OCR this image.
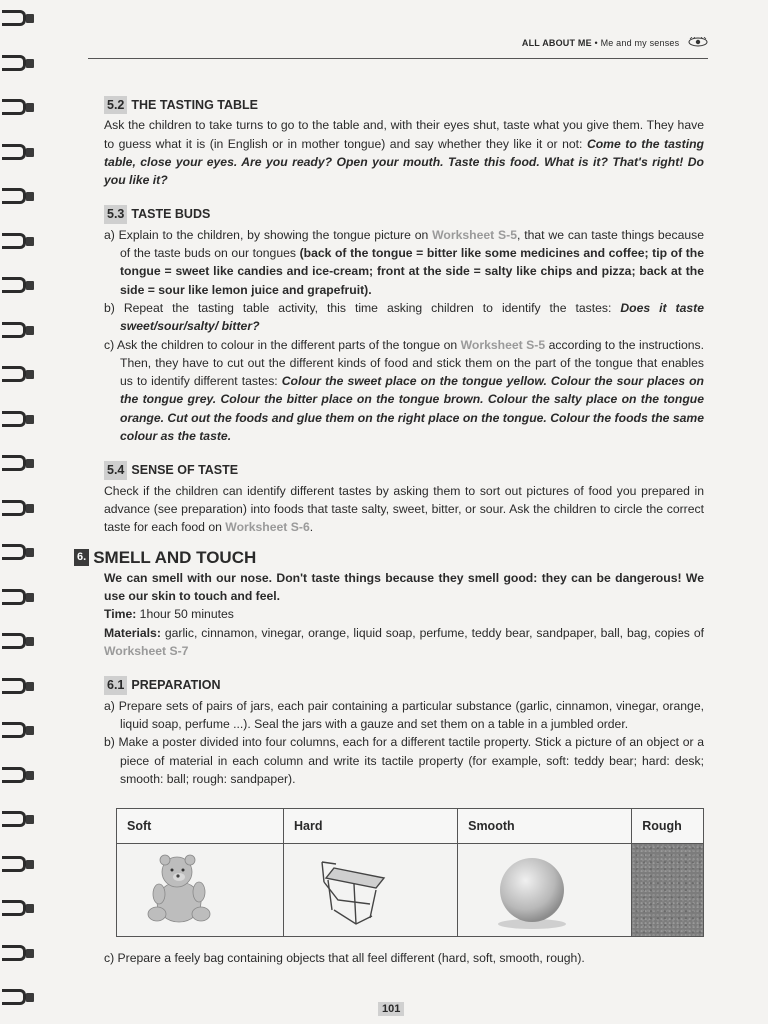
ALL ABOUT ME • Me and my senses
5.2 THE TASTING TABLE

Ask the children to take turns to go to the table and, with their eyes shut, taste what you give them. They have to guess what it is (in English or in mother tongue) and say whether they like it or not: Come to the tasting table, close your eyes. Are you ready? Open your mouth. Taste this food. What is it? That's right! Do you like it?

5.3 TASTE BUDS

a) Explain to the children, by showing the tongue picture on Worksheet S-5, that we can taste things because of the taste buds on our tongues (back of the tongue = bitter like some medicines and coffee; tip of the tongue = sweet like candies and ice-cream; front at the side = salty like chips and pizza; back at the side = sour like lemon juice and grapefruit).

b) Repeat the tasting table activity, this time asking children to identify the tastes: Does it taste sweet/sour/salty/ bitter?

c) Ask the children to colour in the different parts of the tongue on Worksheet S-5 according to the instructions. Then, they have to cut out the different kinds of food and stick them on the part of the tongue that enables us to identify different tastes: Colour the sweet place on the tongue yellow. Colour the sour places on the tongue grey. Colour the bitter place on the tongue brown. Colour the salty place on the tongue orange. Cut out the foods and glue them on the right place on the tongue. Colour the foods the same colour as the taste.

5.4 SENSE OF TASTE

Check if the children can identify different tastes by asking them to sort out pictures of food you prepared in advance (see preparation) into foods that taste salty, sweet, bitter, or sour. Ask the children to circle the correct taste for each food on Worksheet S-6.

6. SMELL AND TOUCH

We can smell with our nose. Don't taste things because they smell good: they can be dangerous! We use our skin to touch and feel.

Time: 1hour 50 minutes

Materials: garlic, cinnamon, vinegar, orange, liquid soap, perfume, teddy bear, sandpaper, ball, bag, copies of Worksheet S-7

6.1 PREPARATION

a) Prepare sets of pairs of jars, each pair containing a particular substance (garlic, cinnamon, vinegar, orange, liquid soap, perfume ...). Seal the jars with a gauze and set them on a table in a jumbled order.

b) Make a poster divided into four columns, each for a different tactile property. Stick a picture of an object or a piece of material in each column and write its tactile property (for example, soft: teddy bear; hard: desk; smooth: ball; rough: sandpaper).

Soft	Hard	Smooth	Rough

c) Prepare a feely bag containing objects that all feel different (hard, soft, smooth, rough).

101
